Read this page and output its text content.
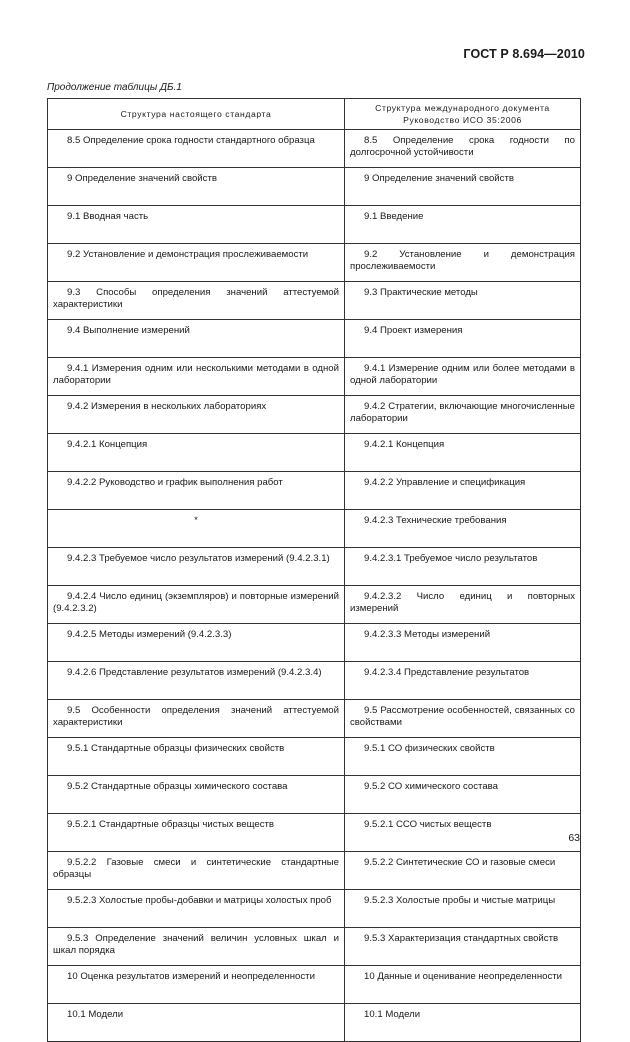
ГОСТ Р 8.694—2010
Продолжение таблицы ДБ.1
Структура настоящего стандарта	Структура международного документа Руководство ИСО 35:2006

8.5 Определение срока годности стандартного образца	8.5 Определение срока годности по долгосрочной устойчивости

9 Определение значений свойств	9 Определение значений свойств

9.1 Вводная часть	9.1 Введение

9.2 Установление и демонстрация прослеживаемости	9.2 Установление и демонстрация прослеживаемости

9.3 Способы определения значений аттестуемой характеристики	9.3 Практические методы

9.4 Выполнение измерений	9.4 Проект измерения

9.4.1 Измерения одним или несколькими методами в одной лаборатории	9.4.1 Измерение одним или более методами в одной лаборатории

9.4.2 Измерения в нескольких лабораториях	9.4.2 Стратегии, включающие многочисленные лаборатории

9.4.2.1 Концепция	9.4.2.1 Концепция

9.4.2.2 Руководство и график выполнения работ	9.4.2.2 Управление и спецификация

*	9.4.2.3 Технические требования

9.4.2.3 Требуемое число результатов измерений (9.4.2.3.1)	9.4.2.3.1 Требуемое число результатов

9.4.2.4 Число единиц (экземпляров) и повторные измерений (9.4.2.3.2)	9.4.2.3.2 Число единиц и повторных измерений

9.4.2.5 Методы измерений (9.4.2.3.3)	9.4.2.3.3 Методы измерений

9.4.2.6 Представление результатов измерений (9.4.2.3.4)	9.4.2.3.4 Представление результатов

9.5 Особенности определения значений аттестуемой характеристики	9.5 Рассмотрение особенностей, связанных со свойствами

9.5.1 Стандартные образцы физических свойств	9.5.1 СО физических свойств

9.5.2 Стандартные образцы химического состава	9.5.2 СО химического состава

9.5.2.1 Стандартные образцы чистых веществ	9.5.2.1 ССО чистых веществ

9.5.2.2 Газовые смеси и синтетические стандартные образцы	9.5.2.2 Синтетические СО и газовые смеси

9.5.2.3 Холостые пробы-добавки и матрицы холостых проб	9.5.2.3 Холостые пробы и чистые матрицы

9.5.3 Определение значений величин условных шкал и шкал порядка	9.5.3 Характеризация стандартных свойств

10 Оценка результатов измерений и неопределенности	10 Данные и оценивание неопределенности

10.1 Модели	10.1 Модели
63
